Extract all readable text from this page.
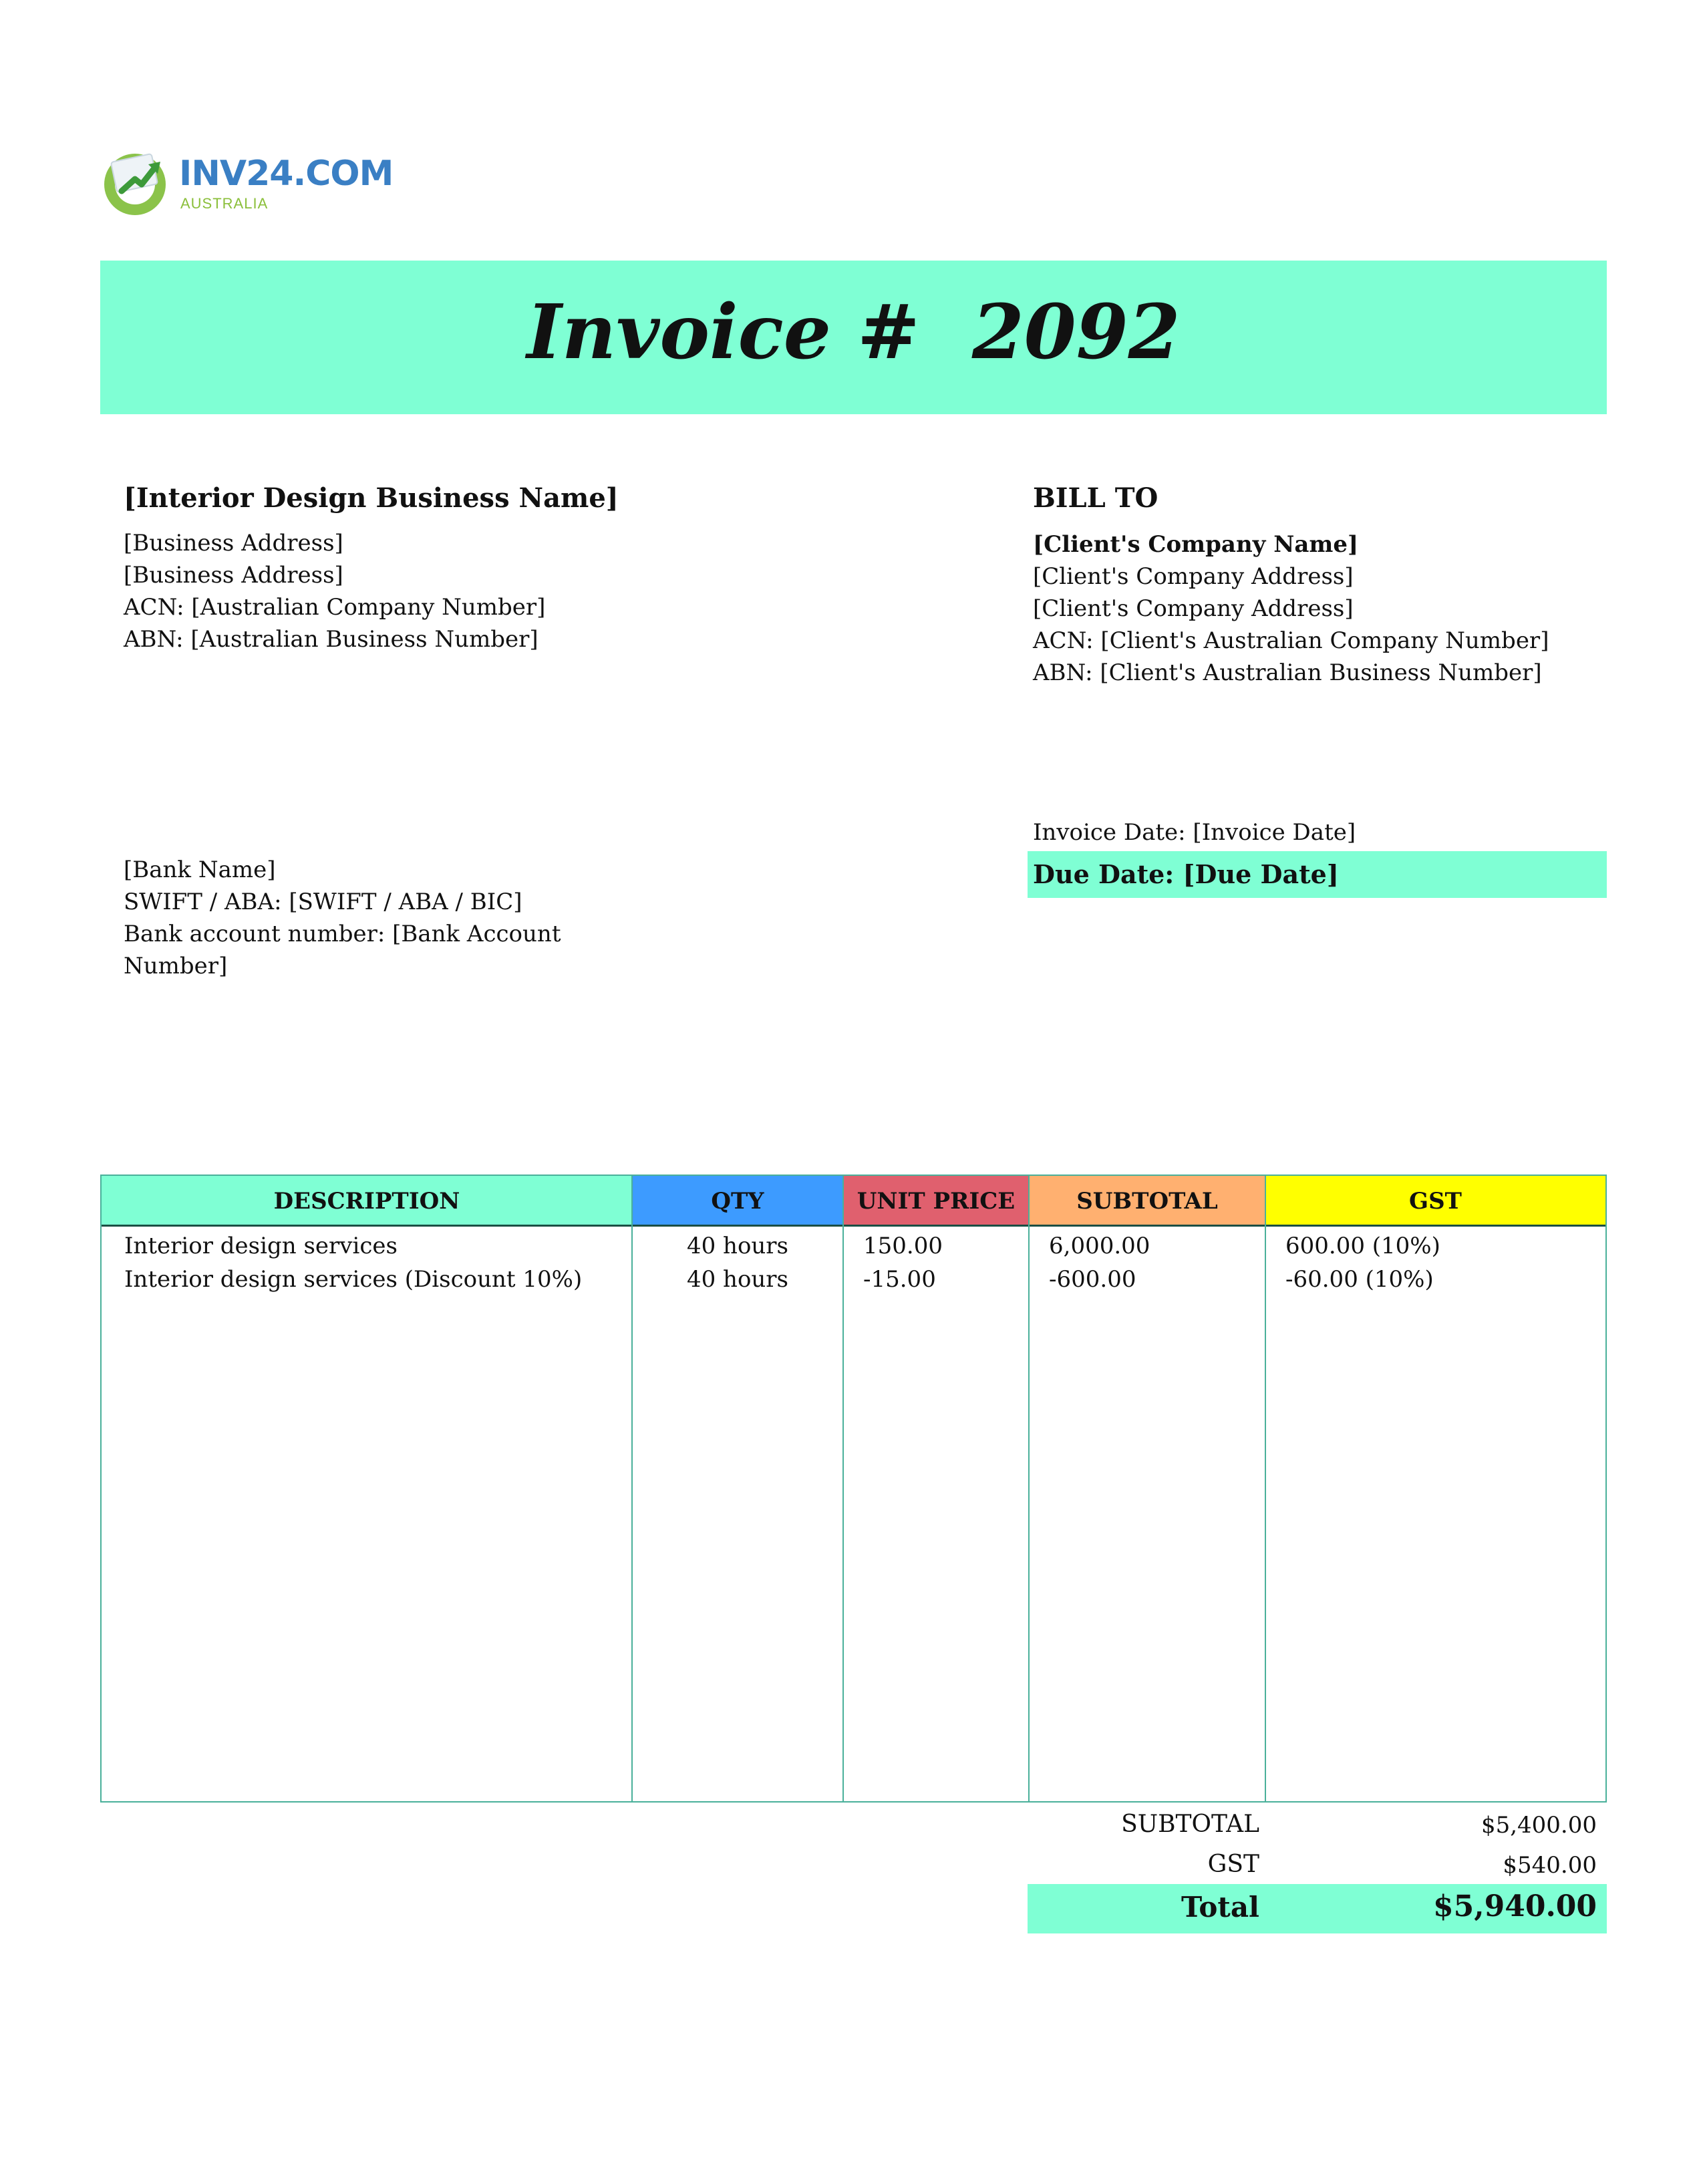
INV24.COM
AUSTRALIA
Invoice #  2092
[Interior Design Business Name]
[Business Address]
[Business Address]
ACN: [Australian Company Number]
ABN: [Australian Business Number]
BILL TO
[Client's Company Name]
[Client's Company Address]
[Client's Company Address]
ACN: [Client's Australian Company Number]
ABN: [Client's Australian Business Number]
[Bank Name]
SWIFT / ABA: [SWIFT / ABA / BIC]
Bank account number: [Bank Account Number]
Invoice Date: [Invoice Date]
Due Date: [Due Date]
DESCRIPTION	QTY	UNIT PRICE	SUBTOTAL	GST
Interior design services	40 hours	150.00	6,000.00	600.00 (10%)
Interior design services (Discount 10%)	40 hours	-15.00	-600.00	-60.00 (10%)
SUBTOTAL	$5,400.00
GST	$540.00
Total	$5,940.00
